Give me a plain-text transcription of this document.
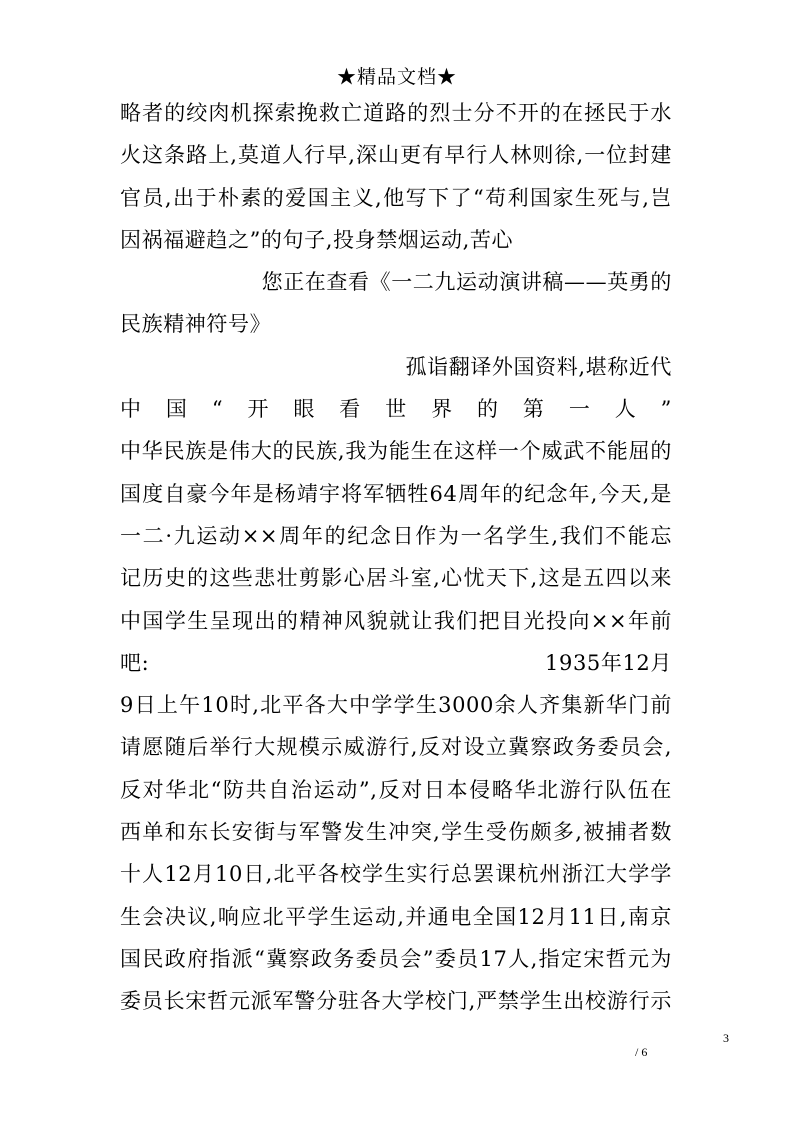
★精品文档★
略者的绞肉机探索挽救亡道路的烈士分不开的在拯民于水
火这条路上,莫道人行早,深山更有早行人林则徐,一位封建
官员,出于朴素的爱国主义,他写下了“苟利国家生死与,岂
因祸福避趋之”的句子,投身禁烟运动,苦心
您正在查看《一二九运动演讲稿——英勇的
民族精神符号》
孤诣翻译外国资料,堪称近代
中　国　“　开　眼　看　世　界　的　第　一　人　”
中华民族是伟大的民族,我为能生在这样一个威武不能屈的
国度自豪今年是杨靖宇将军牺牲64周年的纪念年,今天,是
一二·九运动××周年的纪念日作为一名学生,我们不能忘
记历史的这些悲壮剪影心居斗室,心忧天下,这是五四以来
中国学生呈现出的精神风貌就让我们把目光投向××年前
吧:	1935年12月
9日上午10时,北平各大中学学生3000余人齐集新华门前
请愿随后举行大规模示威游行,反对设立冀察政务委员会,
反对华北“防共自治运动”,反对日本侵略华北游行队伍在
西单和东长安街与军警发生冲突,学生受伤颇多,被捕者数
十人12月10日,北平各校学生实行总罢课杭州浙江大学学
生会决议,响应北平学生运动,并通电全国12月11日,南京
国民政府指派“冀察政务委员会”委员17人,指定宋哲元为
委员长宋哲元派军警分驻各大学校门,严禁学生出校游行示
3
/ 6
